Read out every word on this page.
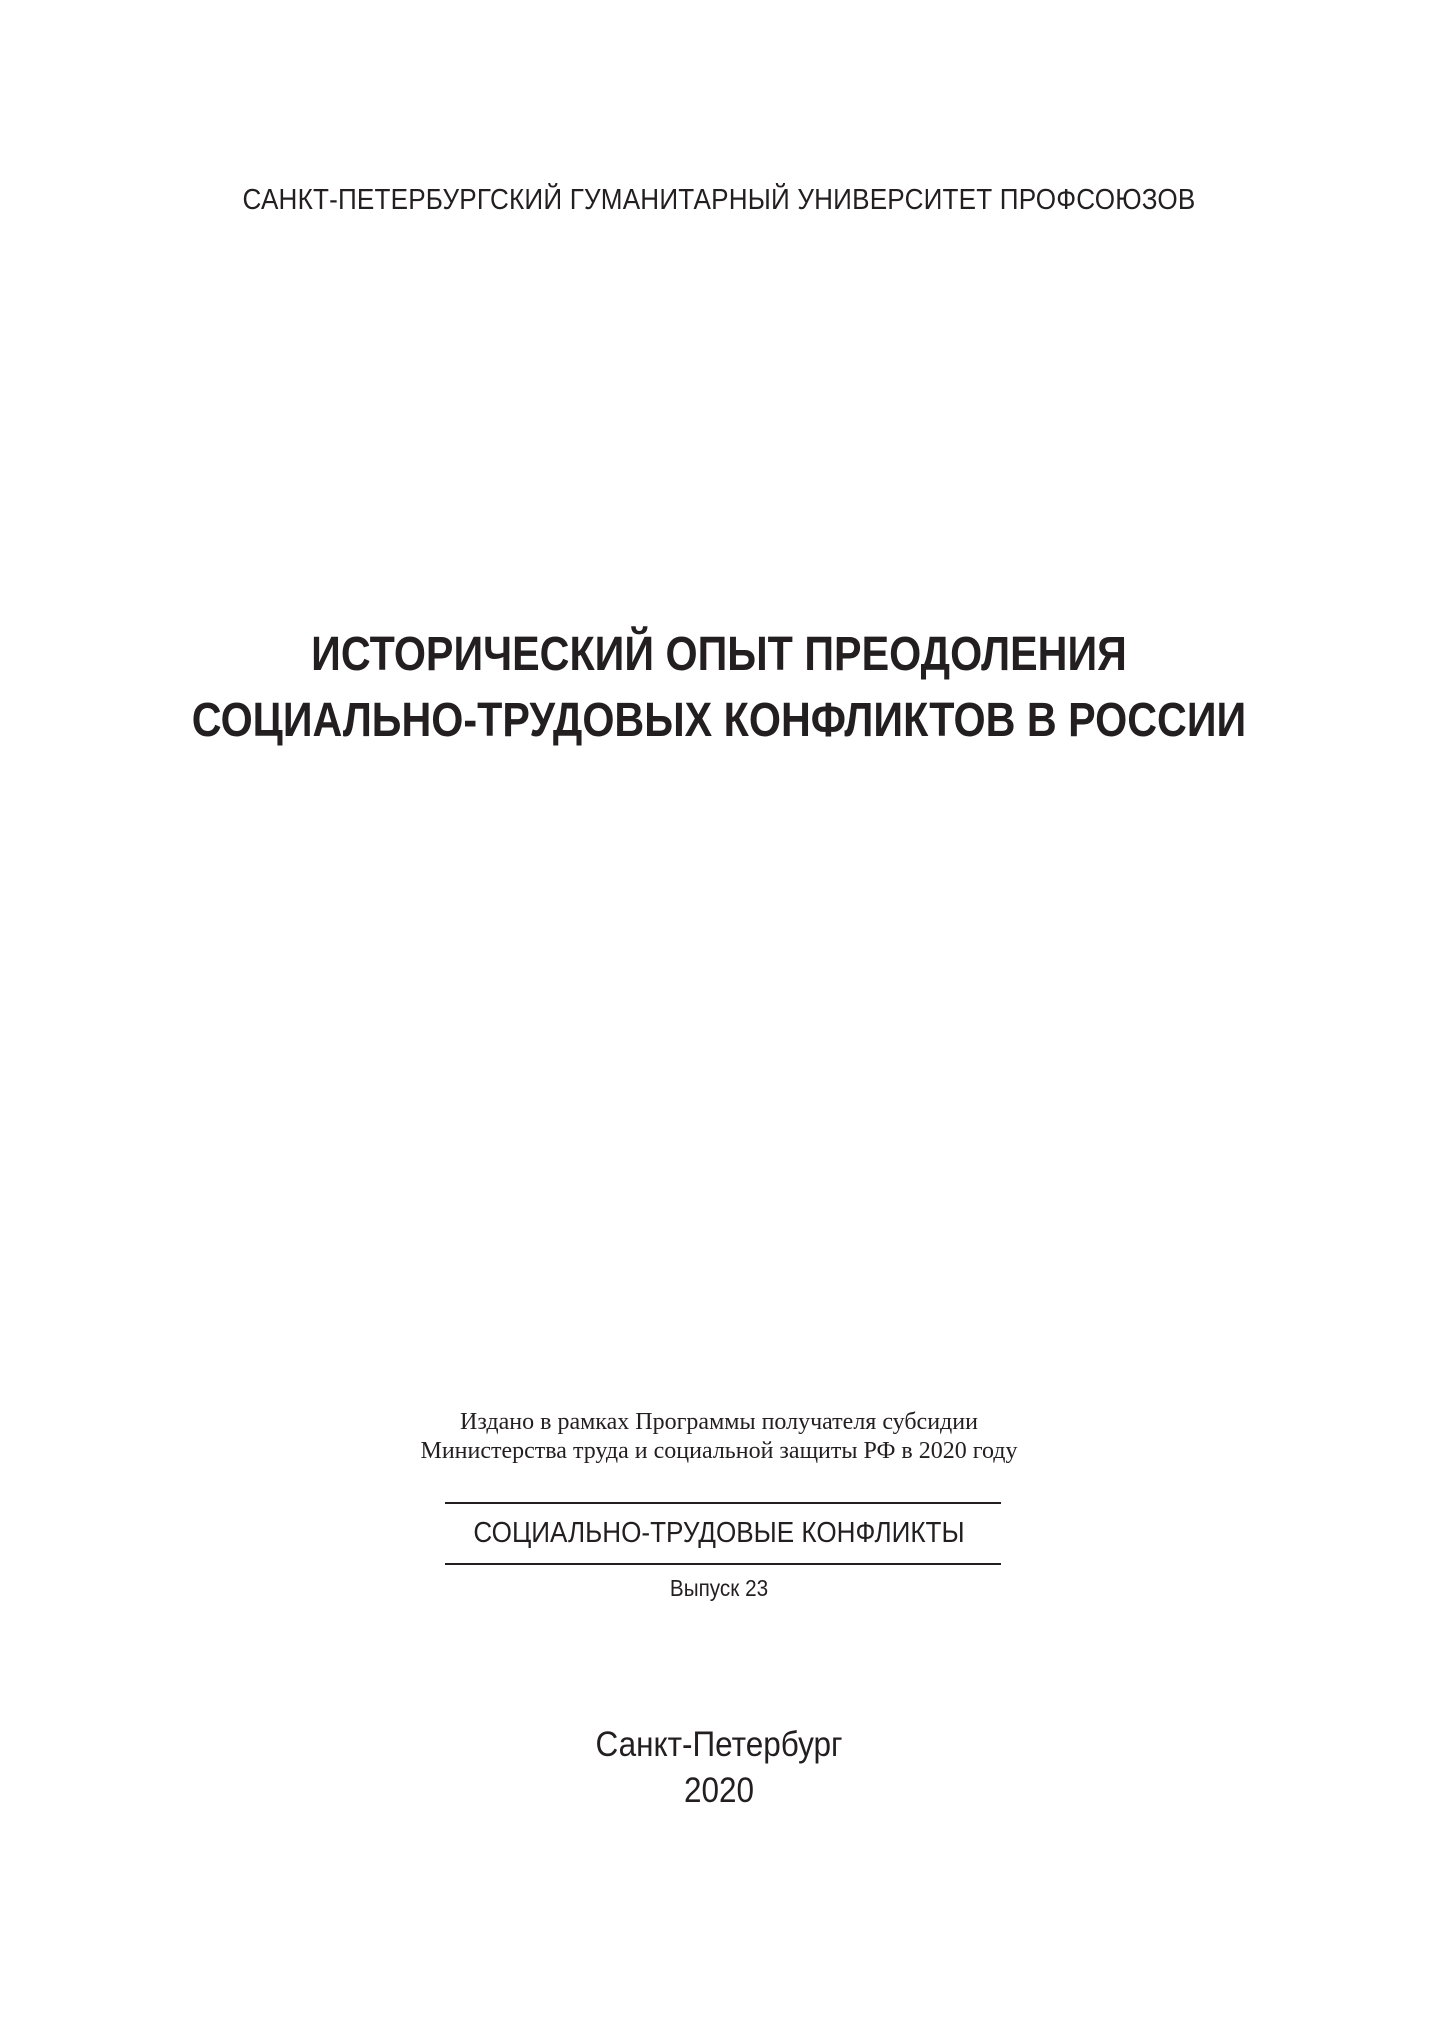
САНКТ-ПЕТЕРБУРГСКИЙ ГУМАНИТАРНЫЙ УНИВЕРСИТЕТ ПРОФСОЮЗОВ
ИСТОРИЧЕСКИЙ ОПЫТ ПРЕОДОЛЕНИЯ
СОЦИАЛЬНО-ТРУДОВЫХ КОНФЛИКТОВ В РОССИИ
Издано в рамках Программы получателя субсидии
Министерства труда и социальной защиты РФ в 2020 году
СОЦИАЛЬНО-ТРУДОВЫЕ КОНФЛИКТЫ
Выпуск 23
Санкт-Петербург
2020
